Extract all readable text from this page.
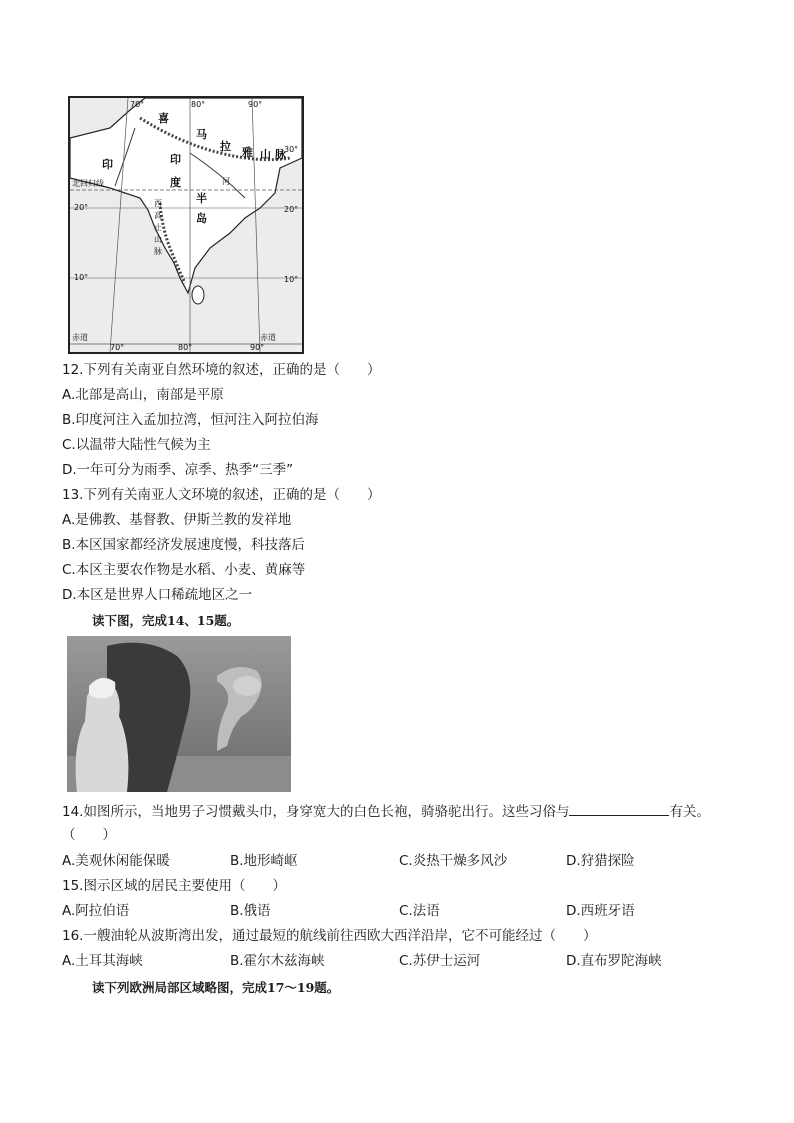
70°	80°	90°
30°
20°
10°
20°
10°
北回归线
赤道	赤道
70°	80°	90°
印
喜
马
拉 雅 山 脉
印
度
半
岛
西
高
止
山
脉
河
12.下列有关南亚自然环境的叙述，正确的是（　　）
A.北部是高山，南部是平原
B.印度河注入孟加拉湾，恒河注入阿拉伯海
C.以温带大陆性气候为主
D.一年可分为雨季、凉季、热季“三季”
13.下列有关南亚人文环境的叙述，正确的是（　　）
A.是佛教、基督教、伊斯兰教的发祥地
B.本区国家都经济发展速度慢，科技落后
C.本区主要农作物是水稻、小麦、黄麻等
D.本区是世界人口稀疏地区之一
读下图，完成14、15题。
14.如图所示，当地男子习惯戴头巾，身穿宽大的白色长袍，骑骆驼出行。这些习俗与	有关。
（　　）
A.美观休闲能保暖	B.地形崎岖	C.炎热干燥多风沙	D.狩猎探险
15.图示区域的居民主要使用（　　）
A.阿拉伯语	B.俄语	C.法语	D.西班牙语
16.一艘油轮从波斯湾出发，通过最短的航线前往西欧大西洋沿岸，它不可能经过（　　）
A.土耳其海峡	B.霍尔木兹海峡	C.苏伊士运河	D.直布罗陀海峡
读下列欧洲局部区域略图，完成17～19题。
